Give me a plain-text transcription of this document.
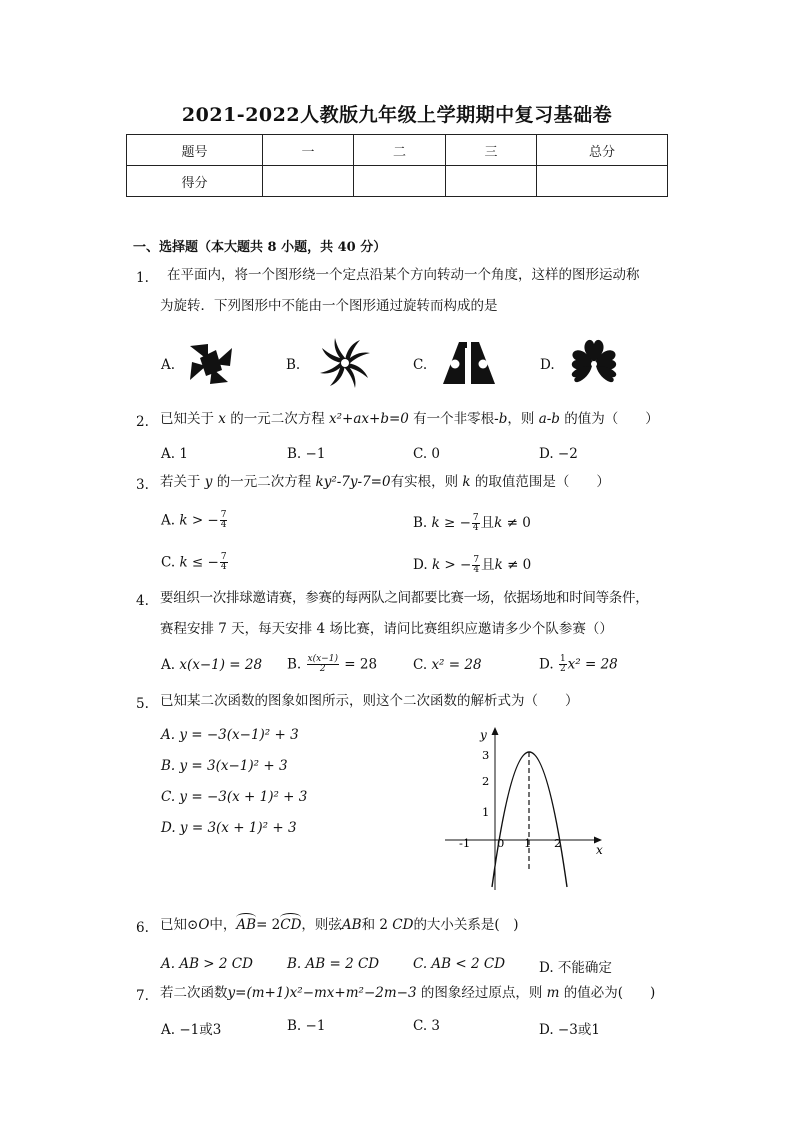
2021-2022人教版九年级上学期期中复习基础卷
题号	一	二	三	总分
得分				
一、选择题（本大题共 8 小题，共 40 分）
1. 在平面内，将一个图形绕一个定点沿某个方向转动一个角度，这样的图形运动称
为旋转．下列图形中不能由一个图形通过旋转而构成的是
A.	B.	C.	D.
2. 已知关于 x 的一元二次方程 x²+ax+b=0 有一个非零根-b，则 a-b 的值为（　　）
A. 1	B. −1	C. 0	D. −2
3. 若关于 y 的一元二次方程 ky²-7y-7=0有实根，则 k 的取值范围是（　　）
A. k > − $\frac{7}{4}$	B. k ≥ − $\frac{7}{4}$ 且k ≠ 0
C. k ≤ − $\frac{7}{4}$	D. k > − $\frac{7}{4}$ 且k ≠ 0
4. 要组织一次排球邀请赛，参赛的每两队之间都要比赛一场，依据场地和时间等条件，
赛程安排 7 天，每天安排 4 场比赛，请问比赛组织应邀请多少个队参赛（）
A. x(x−1) = 28 B. $\frac{x(x-1)}{2} = 28$	C. x² = 28	D. $\frac{1}{2} x^2 = 28$
5. 已知某二次函数的图象如图所示，则这个二次函数的解析式为（　　）
A. y = −3(x−1)² + 3
B. y = 3(x−1)² + 3
C. y = −3(x + 1)² + 3
D. y = 3(x + 1)² + 3
y
x
3
2
1
-1 0 1 2
6. 已知⊙O中，AB= 2CD，则弦AB和 2 CD的大小关系是(　)
A. AB > 2 CD	B. AB = 2 CD	C. AB < 2 CD	D. 不能确定
7. 若二次函数y=(m+1)x²−mx+m²−2m−3 的图象经过原点，则 m 的值必为(　　)
A. −1或3	B. −1	C. 3	D. −3或1
